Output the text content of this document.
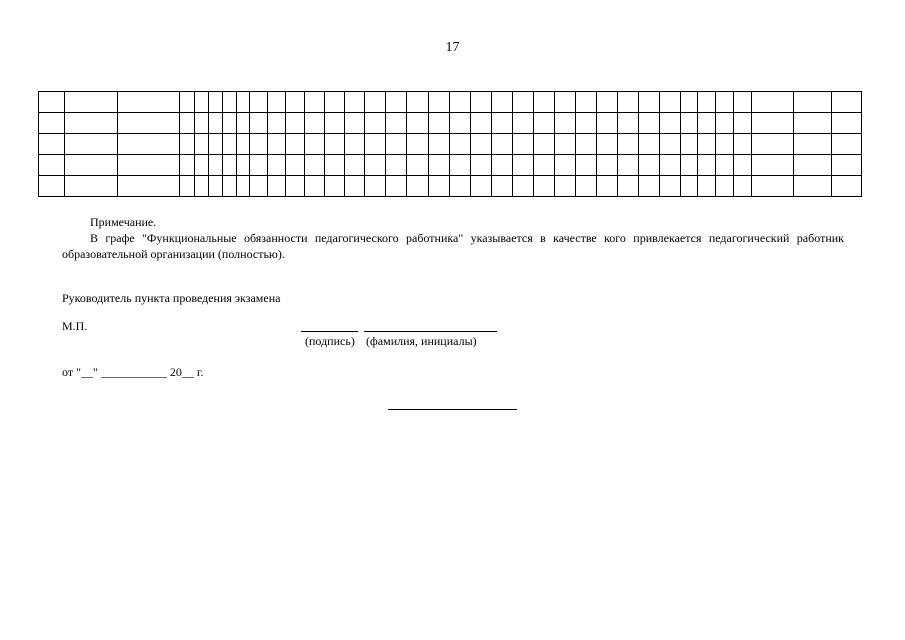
17

Примечание.
В графе "Функциональные обязанности педагогического работника" указывается в качестве кого привлекается педагогический работник образовательной организации (полностью).
Руководитель пункта проведения экзамена
М.П.
(подпись) (фамилия, инициалы)
от "__" ___________ 20__ г.
